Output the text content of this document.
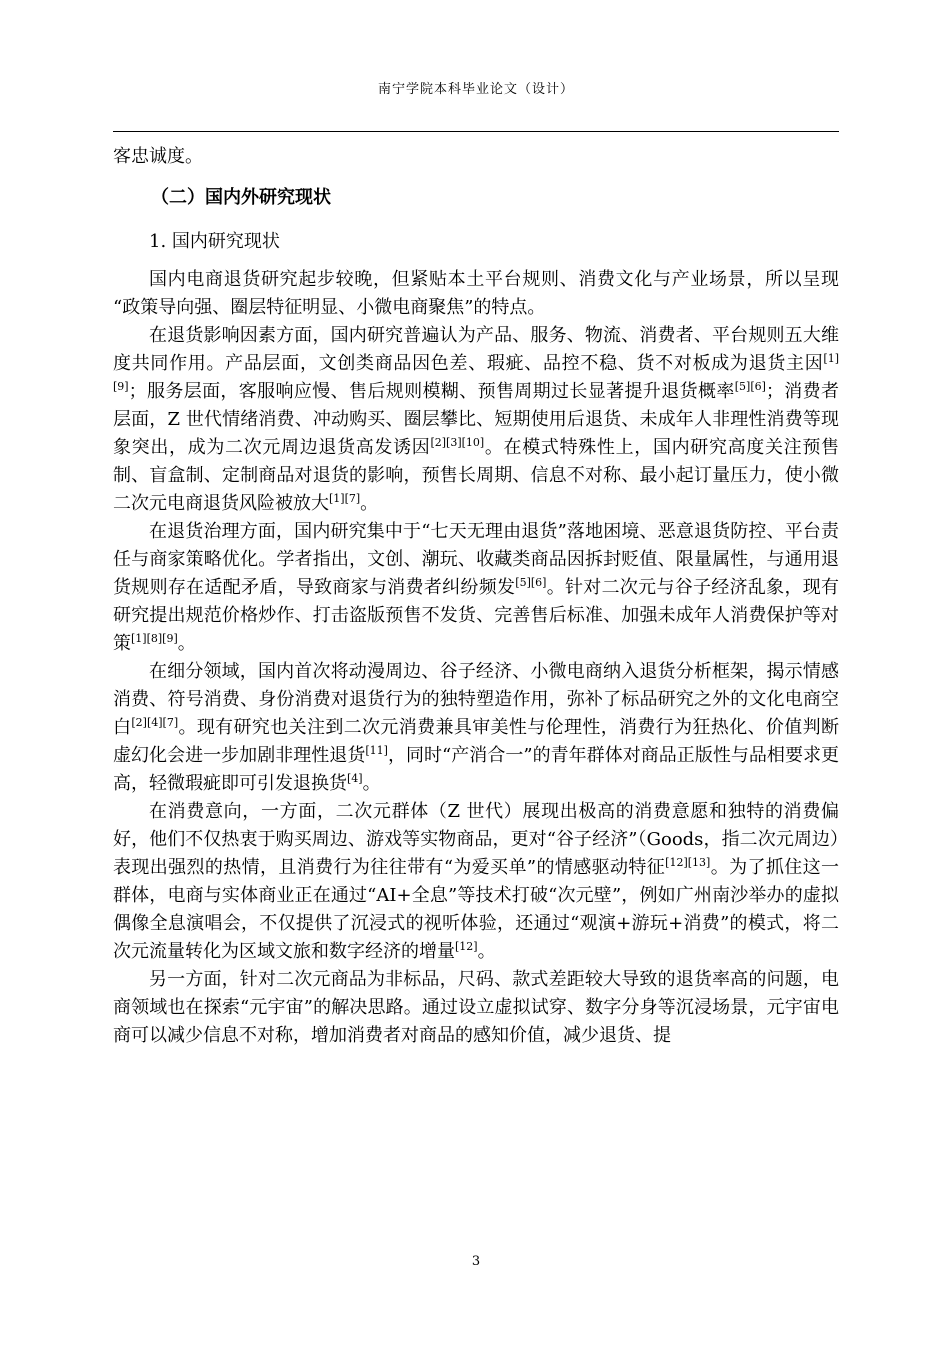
南宁学院本科毕业论文（设计）

客忠诚度。

（二）国内外研究现状

1. 国内研究现状

国内电商退货研究起步较晚，但紧贴本土平台规则、消费文化与产业场景，所以呈现 “政策导向强、圈层特征明显、小微电商聚焦”的特点。

在退货影响因素方面，国内研究普遍认为产品、服务、物流、消费者、平台规则五大维度共同作用。产品层面，文创类商品因色差、瑕疵、品控不稳、货不对板成为退货主因[1][9]；服务层面，客服响应慢、售后规则模糊、预售周期过长显著提升退货概率[5][6]；消费者层面，Z 世代情绪消费、冲动购买、圈层攀比、短期使用后退货、未成年人非理性消费等现象突出，成为二次元周边退货高发诱因[2][3][10]。在模式特殊性上，国内研究高度关注预售制、盲盒制、定制商品对退货的影响，预售长周期、信息不对称、最小起订量压力，使小微二次元电商退货风险被放大[1][7]。

在退货治理方面，国内研究集中于“七天无理由退货”落地困境、恶意退货防控、平台责任与商家策略优化。学者指出，文创、潮玩、收藏类商品因拆封贬值、限量属性，与通用退货规则存在适配矛盾，导致商家与消费者纠纷频发[5][6]。针对二次元与谷子经济乱象，现有研究提出规范价格炒作、打击盗版预售不发货、完善售后标准、加强未成年人消费保护等对策[1][8][9]。

在细分领域，国内首次将动漫周边、谷子经济、小微电商纳入退货分析框架，揭示情感消费、符号消费、身份消费对退货行为的独特塑造作用，弥补了标品研究之外的文化电商空白[2][4][7]。现有研究也关注到二次元消费兼具审美性与伦理性，消费行为狂热化、价值判断虚幻化会进一步加剧非理性退货[11]，同时“产消合一”的青年群体对商品正版性与品相要求更高，轻微瑕疵即可引发退换货[4]。

在消费意向，一方面，二次元群体（Z 世代）展现出极高的消费意愿和独特的消费偏好，他们不仅热衷于购买周边、游戏等实物商品，更对“谷子经济”（Goods，指二次元周边）表现出强烈的热情，且消费行为往往带有“为爱买单”的情感驱动特征[12][13]。为了抓住这一群体，电商与实体商业正在通过“AI+全息”等技术打破“次元壁”，例如广州南沙举办的虚拟偶像全息演唱会，不仅提供了沉浸式的视听体验，还通过“观演+游玩+消费”的模式，将二次元流量转化为区域文旅和数字经济的增量[12]。

另一方面，针对二次元商品为非标品，尺码、款式差距较大导致的退货率高的问题，电商领域也在探索“元宇宙”的解决思路。通过设立虚拟试穿、数字分身等沉浸场景，元宇宙电商可以减少信息不对称，增加消费者对商品的感知价值，减少退货、提

3
